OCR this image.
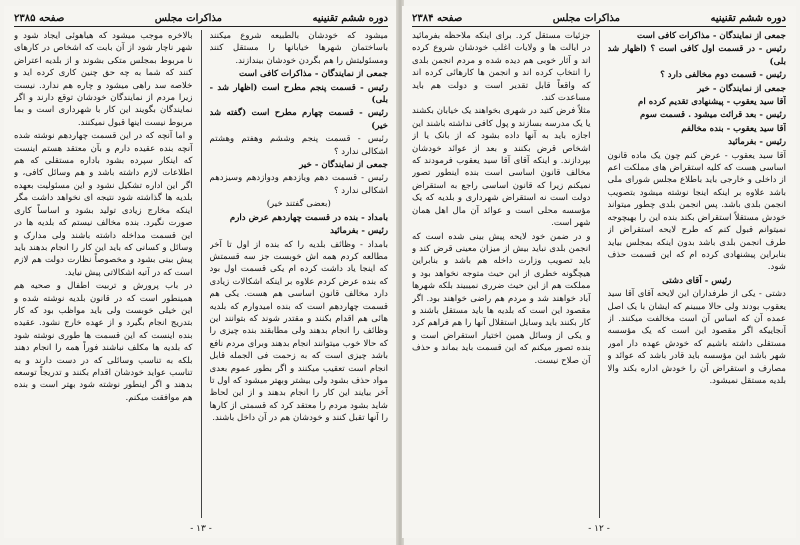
دوره ششم تقنینیه
مذاکرات مجلس
صفحه ۲۳۸۵

میشود که خودشان بالطبیعه شروع میکنند باساختمان شهرها خیابانها را مستقل کنند ومسئولیتش را هم بگردن خودشان بیندازند.

جمعی از نمایندگان - مذاکرات کافی است

رئیس - قسمت پنجم مطرح است (اظهار شد - بلی)

رئیس - قسمت چهارم مطرح است (گفته شد خیر)

رئیس - قسمت پنجم وششم وهفتم وهشتم اشکالی ندارد ؟

جمعی از نمایندگان - خیر

رئیس - قسمت دهم ویازدهم ودوازدهم وسیزدهم اشکالی ندارد ؟

(بعضی گفتند خیر)

بامداد - بنده در قسمت چهاردهم عرض دارم

رئیس - بفرمائید

بامداد - وظائف بلدیه را که بنده از اول تا آخر مطالعه کردم همه اش خوبست جز سه قسمتش که اینجا یاد داشت کرده ام یکی قسمت اول بود که بنده عرض کردم علاوه بر اینکه اشکالات زیادی دارد مخالف قانون اساسی هم هست. یکی هم قسمت چهاردهم است که بنده امیدوارم که بلدیه هائی هم اقدام بکنند و مقتدر شوند که بتوانند این وظائف را انجام بدهند ولی مطابقند بنده چیزی را که حالا خوب میتوانند انجام بدهند وبرای مردم نافع باشد چیزی است که به زحمت فی الجمله قابل انجام است تعقیب میکنند و اگر بطور عموم بعدی مواد حذف بشود ولی بیشتر وبهتر میشود که اول تا آخر بیایند این کار را انجام بدهند و از این لحاظ شاید بشود مردم را معتقد کرد که قسمتی از کارها را آنها تقبل کنند و خودشان هم در آن داخل باشند.

بالاخره موجب میشود که هیاهوئی ایجاد شود و شهر ناچار شود از آن بابت که اشخاص در کارهای نا مربوط بمجلس متکی بشوند و از بلدیه اعتراض کنند که شما به چه حق چنین کاری کرده اید و خلاصه سد راهی میشود و چاره هم ندارد. نیست زیرا مردم از نمایندگان خودشان توقع دارند و اگر نمایندگان بگویند این کار با شهرداری است و بما مربوط نیست اینها قبول نمیکنند.

و اما آنچه که در این قسمت چهاردهم نوشته شده آنچه بنده عقیده دارم و بآن معتقد هستم اینست که اینکار سپرده بشود باداره مستقلی که هم اطلاعات لازم داشته باشد و هم وسائل کافی، و اگر این اداره تشکیل نشود و این مسئولیت بعهده بلدیه ها گذاشته شود نتیجه ای نخواهد داشت مگر اینکه مخارج زیادی تولید بشود و اساساً کاری صورت نگیرد. بنده مخالف نیستم که بلدیه ها در این قسمت مداخله داشته باشند ولی مدارک و وسائل و کسانی که باید این کار را انجام بدهند باید پیش بینی بشود و مخصوصاً نظارت دولت هم لازم است که در آتیه اشکالاتی پیش نیاید.

در باب پرورش و تربیت اطفال و صحیه هم همینطور است که در قانون بلدیه نوشته شده و این خیلی خوبست ولی باید مواظب بود که کار بتدریج انجام بگیرد و از عهده خارج نشود. عقیده بنده اینست که این قسمت ها طوری نوشته شود که بلدیه ها مکلف نباشند فوراً همه را انجام دهند بلکه به تناسب وسائلی که در دست دارند و به تناسب عواید خودشان اقدام بکنند و تدریجاً توسعه بدهند و اگر اینطور نوشته شود بهتر است و بنده هم موافقت میکنم.

- ۱۳ -
دوره ششم تقنینیه
مذاکرات مجلس
صفحه ۲۳۸۴

جمعی از نمایندگان - مذاکرات کافی است

رئیس - در قسمت اول کافی است ؟ (اظهار شد بلی)

رئیس - قسمت دوم مخالفی دارد ؟

جمعی از نمایندگان - خیر

آقا سید یعقوب - پیشنهادی تقدیم کرده ام

رئیس - بعد قرائت میشود . قسمت سوم

آقا سید یعقوب - بنده مخالفم

رئیس - بفرمائید

آقا سید یعقوب - عرض کنم چون یک ماده قانون اساسی هست که کلیه استقراض های مملکت اعم از داخلی و خارجی باید باطلاع مجلس شورای ملی باشد علاوه بر اینکه اینجا نوشته میشود بتصویب انجمن بلدی باشد. پس انجمن بلدی چطور میتواند خودش مستقلاً استقراض بکند بنده این را بهیچوجه نمیتوانم قبول کنم که طرح لایحه استقراض از طرف انجمن بلدی باشد بدون اینکه بمجلس بیاید بنابراین پیشنهادی کرده ام که این قسمت حذف شود.

رئیس - آقای دشتی

دشتی - یکی از طرفداران این لایحه آقای آقا سید یعقوب بودند ولی حالا میبینم که ایشان با یک اصل عمده آن که اساس آن است مخالفت میکنند. از آنجاییکه اگر مقصود این است که یک مؤسسه مستقلی داشته باشیم که خودش عهده دار امور شهر باشد این مؤسسه باید قادر باشد که عوائد و مصارف و استقراض آن را خودش اداره بکند والا بلدیه مستقل نمیشود.

جزئیات مستقل کرد. برای اینکه ملاحظه بفرمائید در ایالت ها و ولایات اغلب خودشان شروع کرده اند و آثار خوبی هم دیده شده و مردم انجمن بلدی را انتخاب کرده اند و انجمن ها کارهائی کرده اند که واقعاً قابل تقدیر است و دولت هم باید مساعدت کند.

مثلاً فرض کنید در شهری بخواهند یک خیابان بکشند یا یک مدرسه بسازند و پول کافی نداشته باشند این اجازه باید به آنها داده بشود که از بانک یا از اشخاص قرض بکنند و بعد از عوائد خودشان بپردازند. و اینکه آقای آقا سید یعقوب فرمودند که مخالف قانون اساسی است بنده اینطور تصور نمیکنم زیرا که قانون اساسی راجع به استقراض دولت است نه استقراض شهرداری و بلدیه که یک مؤسسه محلی است و عوائد آن مال اهل همان شهر است.

و در ضمن خود لایحه پیش بینی شده است که انجمن بلدی نباید بیش از میزان معینی قرض کند و باید تصویب وزارت داخله هم باشد و بنابراین هیچگونه خطری از این حیث متوجه نخواهد بود و مملکت هم از این حیث ضرری نمیبیند بلکه شهرها آباد خواهند شد و مردم هم راضی خواهند بود. اگر مقصود این است که بلدیه ها باید مستقل باشند و کار بکنند باید وسایل استقلال آنها را هم فراهم کرد و یکی از وسائل همین اختیار استقراض است و بنده تصور میکنم که این قسمت باید بماند و حذف آن صلاح نیست.

- ۱۲ -
